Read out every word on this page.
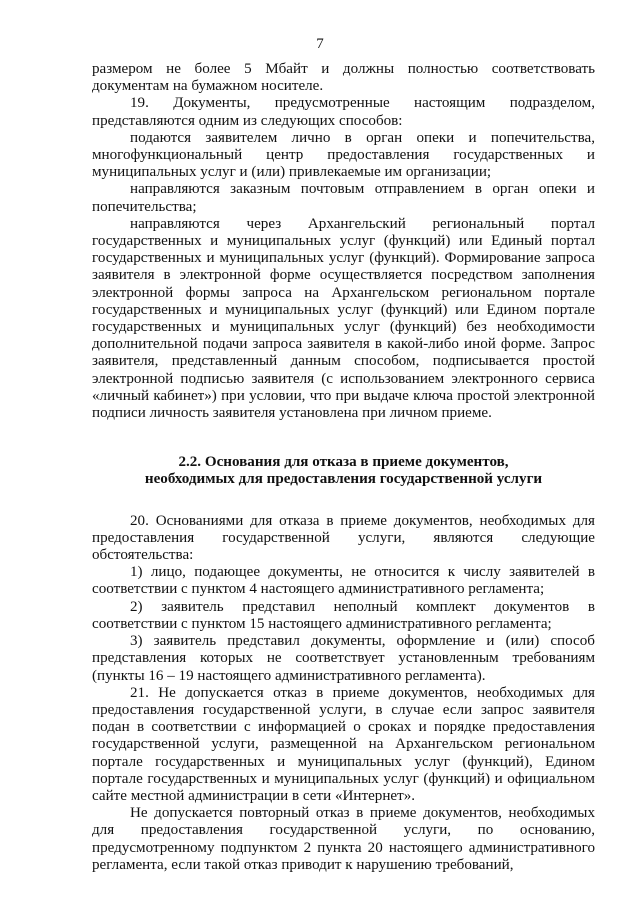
7

размером не более 5 Мбайт и должны полностью соответствовать документам на бумажном носителе.

19. Документы, предусмотренные настоящим подразделом, представляются одним из следующих способов:

подаются заявителем лично в орган опеки и попечительства, многофункциональный центр предоставления государственных и муниципальных услуг и (или) привлекаемые им организации;

направляются заказным почтовым отправлением в орган опеки и попечительства;

направляются через Архангельский региональный портал государственных и муниципальных услуг (функций) или Единый портал государственных и муниципальных услуг (функций). Формирование запроса заявителя в электронной форме осуществляется посредством заполнения электронной формы запроса на Архангельском региональном портале государственных и муниципальных услуг (функций) или Едином портале государственных и муниципальных услуг (функций) без необходимости дополнительной подачи запроса заявителя в какой-либо иной форме. Запрос заявителя, представленный данным способом, подписывается простой электронной подписью заявителя (с использованием электронного сервиса «личный кабинет») при условии, что при выдаче ключа простой электронной подписи личность заявителя установлена при личном приеме.

2.2. Основания для отказа в приеме документов,

необходимых для предоставления государственной услуги

20. Основаниями для отказа в приеме документов, необходимых для предоставления государственной услуги, являются следующие обстоятельства:

1) лицо, подающее документы, не относится к числу заявителей в соответствии с пунктом 4 настоящего административного регламента;

2) заявитель представил неполный комплект документов в соответствии с пунктом 15 настоящего административного регламента;

3) заявитель представил документы, оформление и (или) способ представления которых не соответствует установленным требованиям (пункты 16 – 19 настоящего административного регламента).

21. Не допускается отказ в приеме документов, необходимых для предоставления государственной услуги, в случае если запрос заявителя подан в соответствии с информацией о сроках и порядке предоставления государственной услуги, размещенной на Архангельском региональном портале государственных и муниципальных услуг (функций), Едином портале государственных и муниципальных услуг (функций) и официальном сайте местной администрации в сети «Интернет».

Не допускается повторный отказ в приеме документов, необходимых для предоставления государственной услуги, по основанию, предусмотренному подпунктом 2 пункта 20 настоящего административного регламента, если такой отказ приводит к нарушению требований,
